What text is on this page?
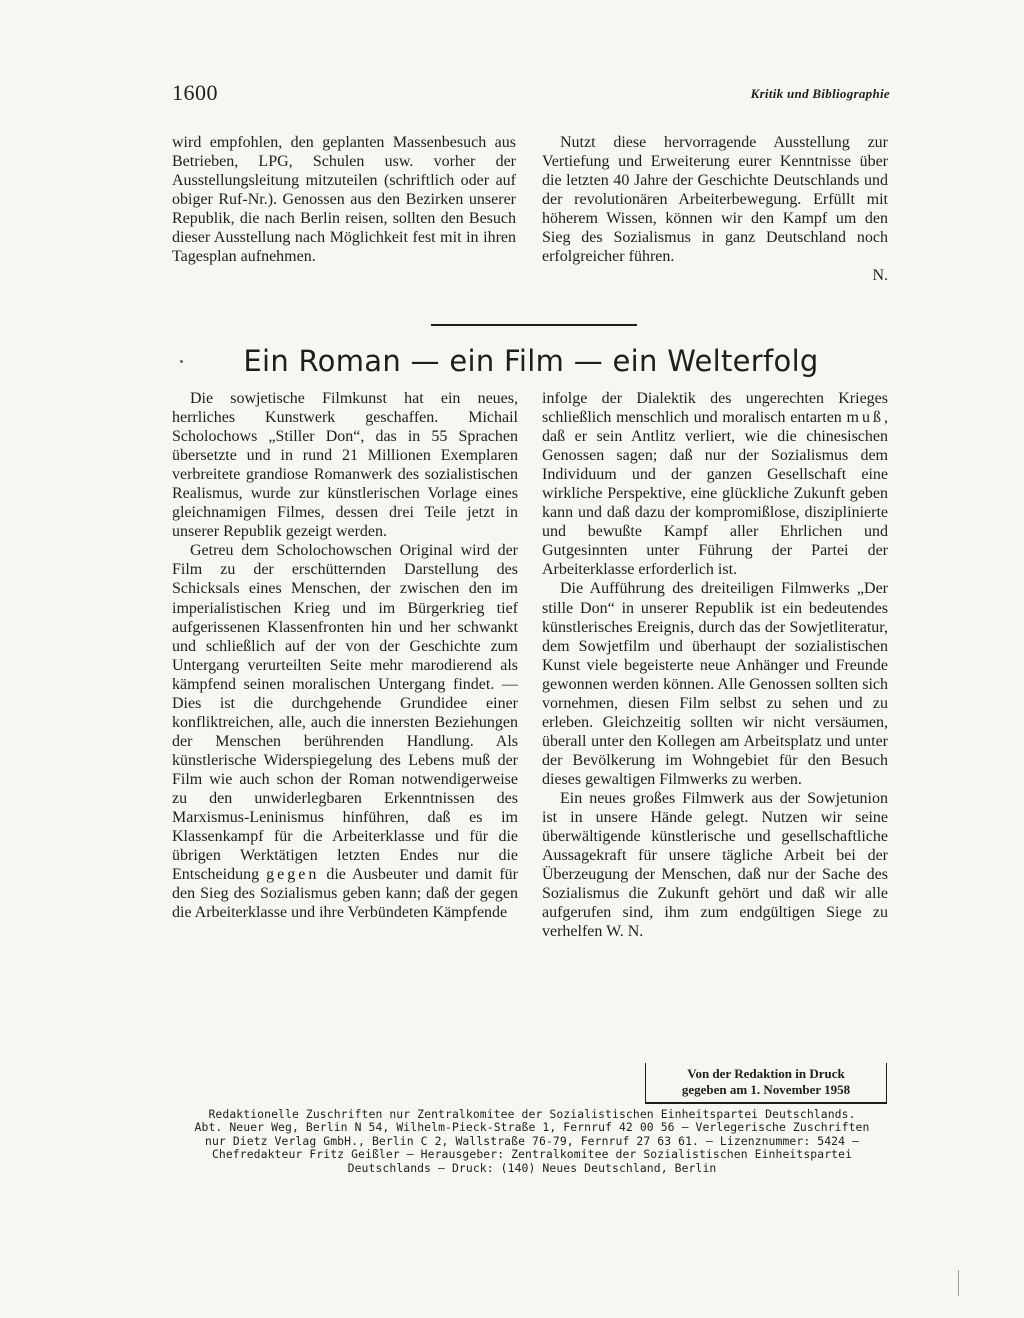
1600	Kritik und Bibliographie

wird empfohlen, den geplanten Massenbesuch aus Betrieben, LPG, Schulen usw. vorher der Ausstellungsleitung mitzuteilen (schriftlich oder auf obiger Ruf-Nr.). Genossen aus den Bezirken unserer Republik, die nach Berlin reisen, sollten den Besuch dieser Ausstellung nach Möglichkeit fest mit in ihren Tagesplan aufnehmen.

Nutzt diese hervorragende Ausstellung zur Vertiefung und Erweiterung eurer Kenntnisse über die letzten 40 Jahre der Geschichte Deutschlands und der revolutionären Arbeiterbewegung. Erfüllt mit höherem Wissen, können wir den Kampf um den Sieg des Sozialismus in ganz Deutschland noch erfolgreicher führen.

N.

Ein Roman — ein Film — ein Welterfolg

Die sowjetische Filmkunst hat ein neues, herrliches Kunstwerk geschaffen. Michail Scholochows „Stiller Don“, das in 55 Sprachen übersetzte und in rund 21 Millionen Exemplaren verbreitete grandiose Romanwerk des sozialistischen Realismus, wurde zur künstlerischen Vorlage eines gleichnamigen Filmes, dessen drei Teile jetzt in unserer Republik gezeigt werden.

Getreu dem Scholochowschen Original wird der Film zu der erschütternden Darstellung des Schicksals eines Menschen, der zwischen den im imperialistischen Krieg und im Bürgerkrieg tief aufgerissenen Klassenfronten hin und her schwankt und schließlich auf der von der Geschichte zum Untergang verurteilten Seite mehr marodierend als kämpfend seinen moralischen Untergang findet. — Dies ist die durchgehende Grundidee einer konfliktreichen, alle, auch die innersten Beziehungen der Menschen berührenden Handlung. Als künstlerische Widerspiegelung des Lebens muß der Film wie auch schon der Roman notwendigerweise zu den unwiderlegbaren Erkenntnissen des Marxismus-Leninismus hinführen, daß es im Klassenkampf für die Arbeiterklasse und für die übrigen Werktätigen letzten Endes nur die Entscheidung gegen die Ausbeuter und damit für den Sieg des Sozialismus geben kann; daß der gegen die Arbeiterklasse und ihre Verbündeten Kämpfende

infolge der Dialektik des ungerechten Krieges schließlich menschlich und moralisch entarten muß, daß er sein Antlitz verliert, wie die chinesischen Genossen sagen; daß nur der Sozialismus dem Individuum und der ganzen Gesellschaft eine wirkliche Perspektive, eine glückliche Zukunft geben kann und daß dazu der kompromißlose, disziplinierte und bewußte Kampf aller Ehrlichen und Gutgesinnten unter Führung der Partei der Arbeiterklasse erforderlich ist.

Die Aufführung des dreiteiligen Filmwerks „Der stille Don“ in unserer Republik ist ein bedeutendes künstlerisches Ereignis, durch das der Sowjetliteratur, dem Sowjetfilm und überhaupt der sozialistischen Kunst viele begeisterte neue Anhänger und Freunde gewonnen werden können. Alle Genossen sollten sich vornehmen, diesen Film selbst zu sehen und zu erleben. Gleichzeitig sollten wir nicht versäumen, überall unter den Kollegen am Arbeitsplatz und unter der Bevölkerung im Wohngebiet für den Besuch dieses gewaltigen Filmwerks zu werben.

Ein neues großes Filmwerk aus der Sowjetunion ist in unsere Hände gelegt. Nutzen wir seine überwältigende künstlerische und gesellschaftliche Aussagekraft für unsere tägliche Arbeit bei der Überzeugung der Menschen, daß nur der Sache des Sozialismus die Zukunft gehört und daß wir alle aufgerufen sind, ihm zum endgültigen Siege zu verhelfen W. N.

Von der Redaktion in Druck
gegeben am 1. November 1958
Redaktionelle Zuschriften nur Zentralkomitee der Sozialistischen Einheitspartei Deutschlands.
Abt. Neuer Weg, Berlin N 54, Wilhelm-Pieck-Straße 1, Fernruf 42 00 56 — Verlegerische Zuschriften
nur Dietz Verlag GmbH., Berlin C 2, Wallstraße 76-79, Fernruf 27 63 61. — Lizenznummer: 5424 —
Chefredakteur Fritz Geißler — Herausgeber: Zentralkomitee der Sozialistischen Einheitspartei
Deutschlands — Druck: (140) Neues Deutschland, Berlin
